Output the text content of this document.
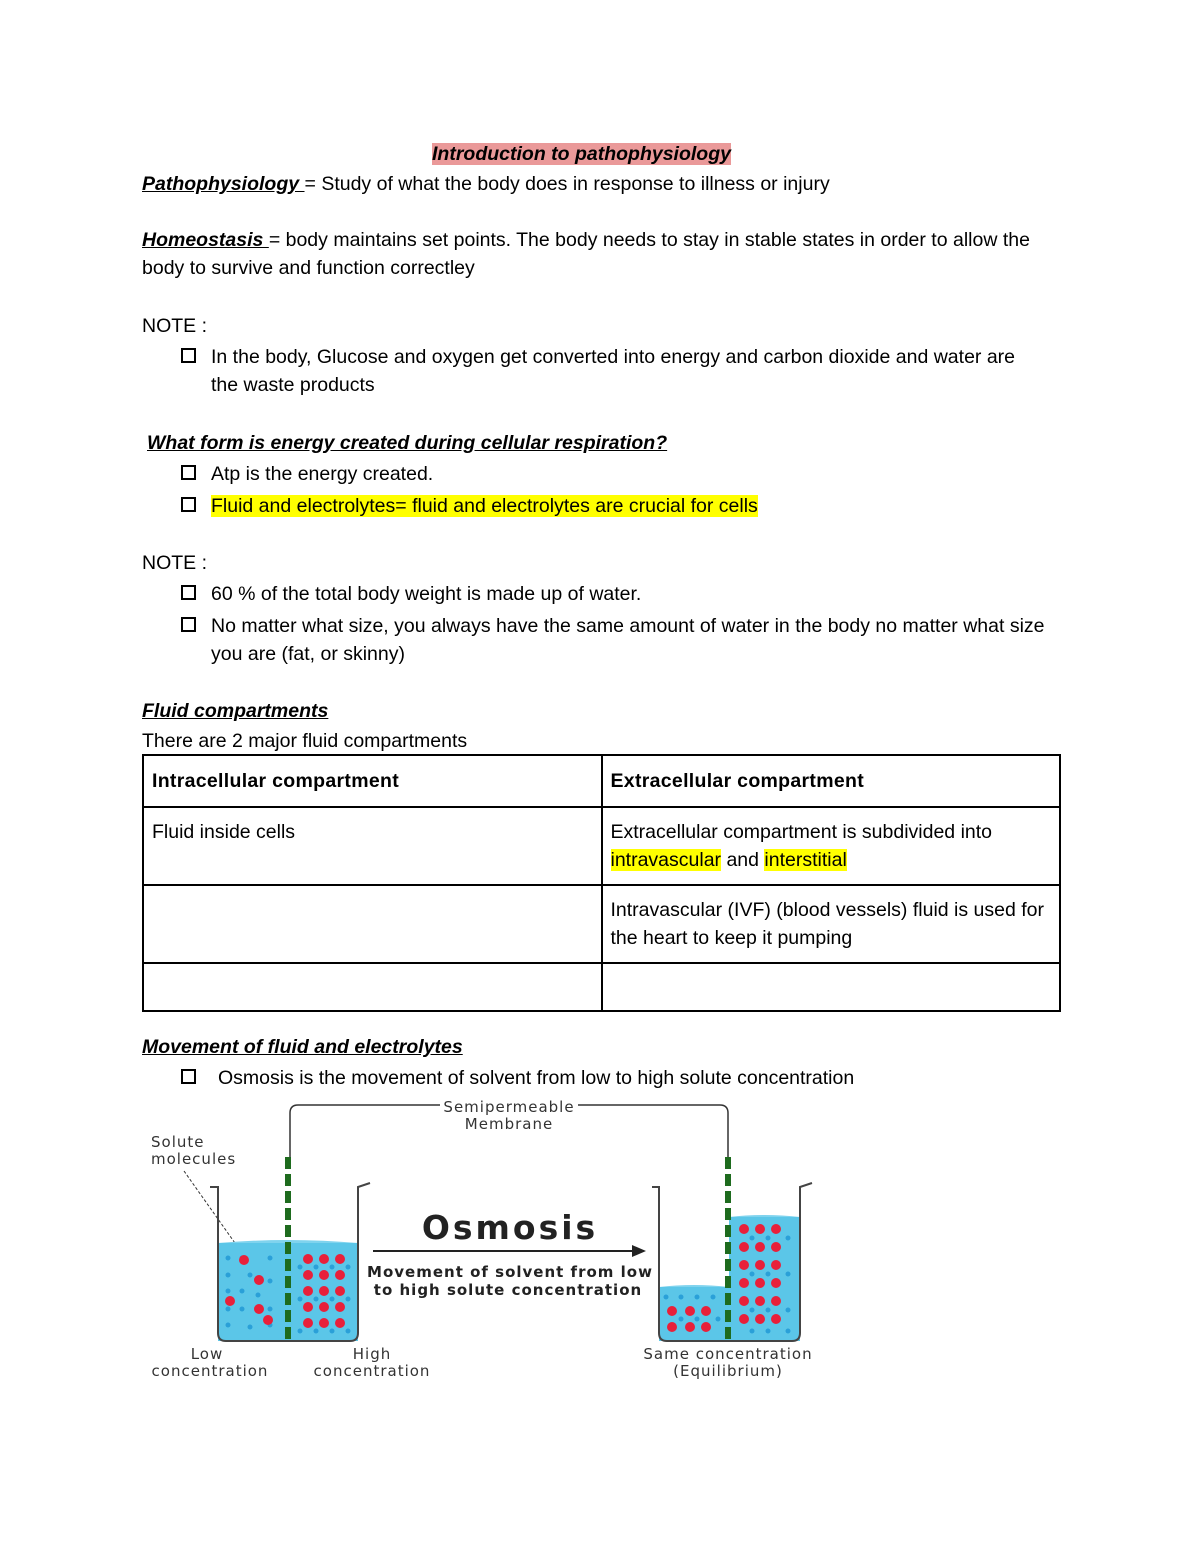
Introduction to pathophysiology
Pathophysiology = Study of what the body does in response to illness or injury
Homeostasis = body maintains set points. The body needs to stay in stable states in order to allow the body to survive and function correctley
NOTE :
In the body, Glucose and oxygen get converted into energy and carbon dioxide and water are the waste products
What form is energy created during cellular respiration?
Atp is the energy created.
Fluid and electrolytes= fluid and electrolytes are crucial for cells
NOTE :
60 % of the total body weight is made up of water.
No matter what size, you always have the same amount of water in the body no matter what size you are (fat, or skinny)
Fluid compartments
There are 2 major fluid compartments
Intracellular compartment	Extracellular compartment
Fluid inside cells	Extracellular compartment is subdivided into intravascular and interstitial
	Intravascular (IVF) (blood vessels) fluid is used for the heart to keep it pumping

Movement of fluid and electrolytes
Osmosis is the movement of solvent from low to high solute concentration
Semipermeable
Membrane
Solute
molecules
Low
concentration
High
concentration
Osmosis
Movement of solvent from low
to high solute concentration
Same concentration
(Equilibrium)
